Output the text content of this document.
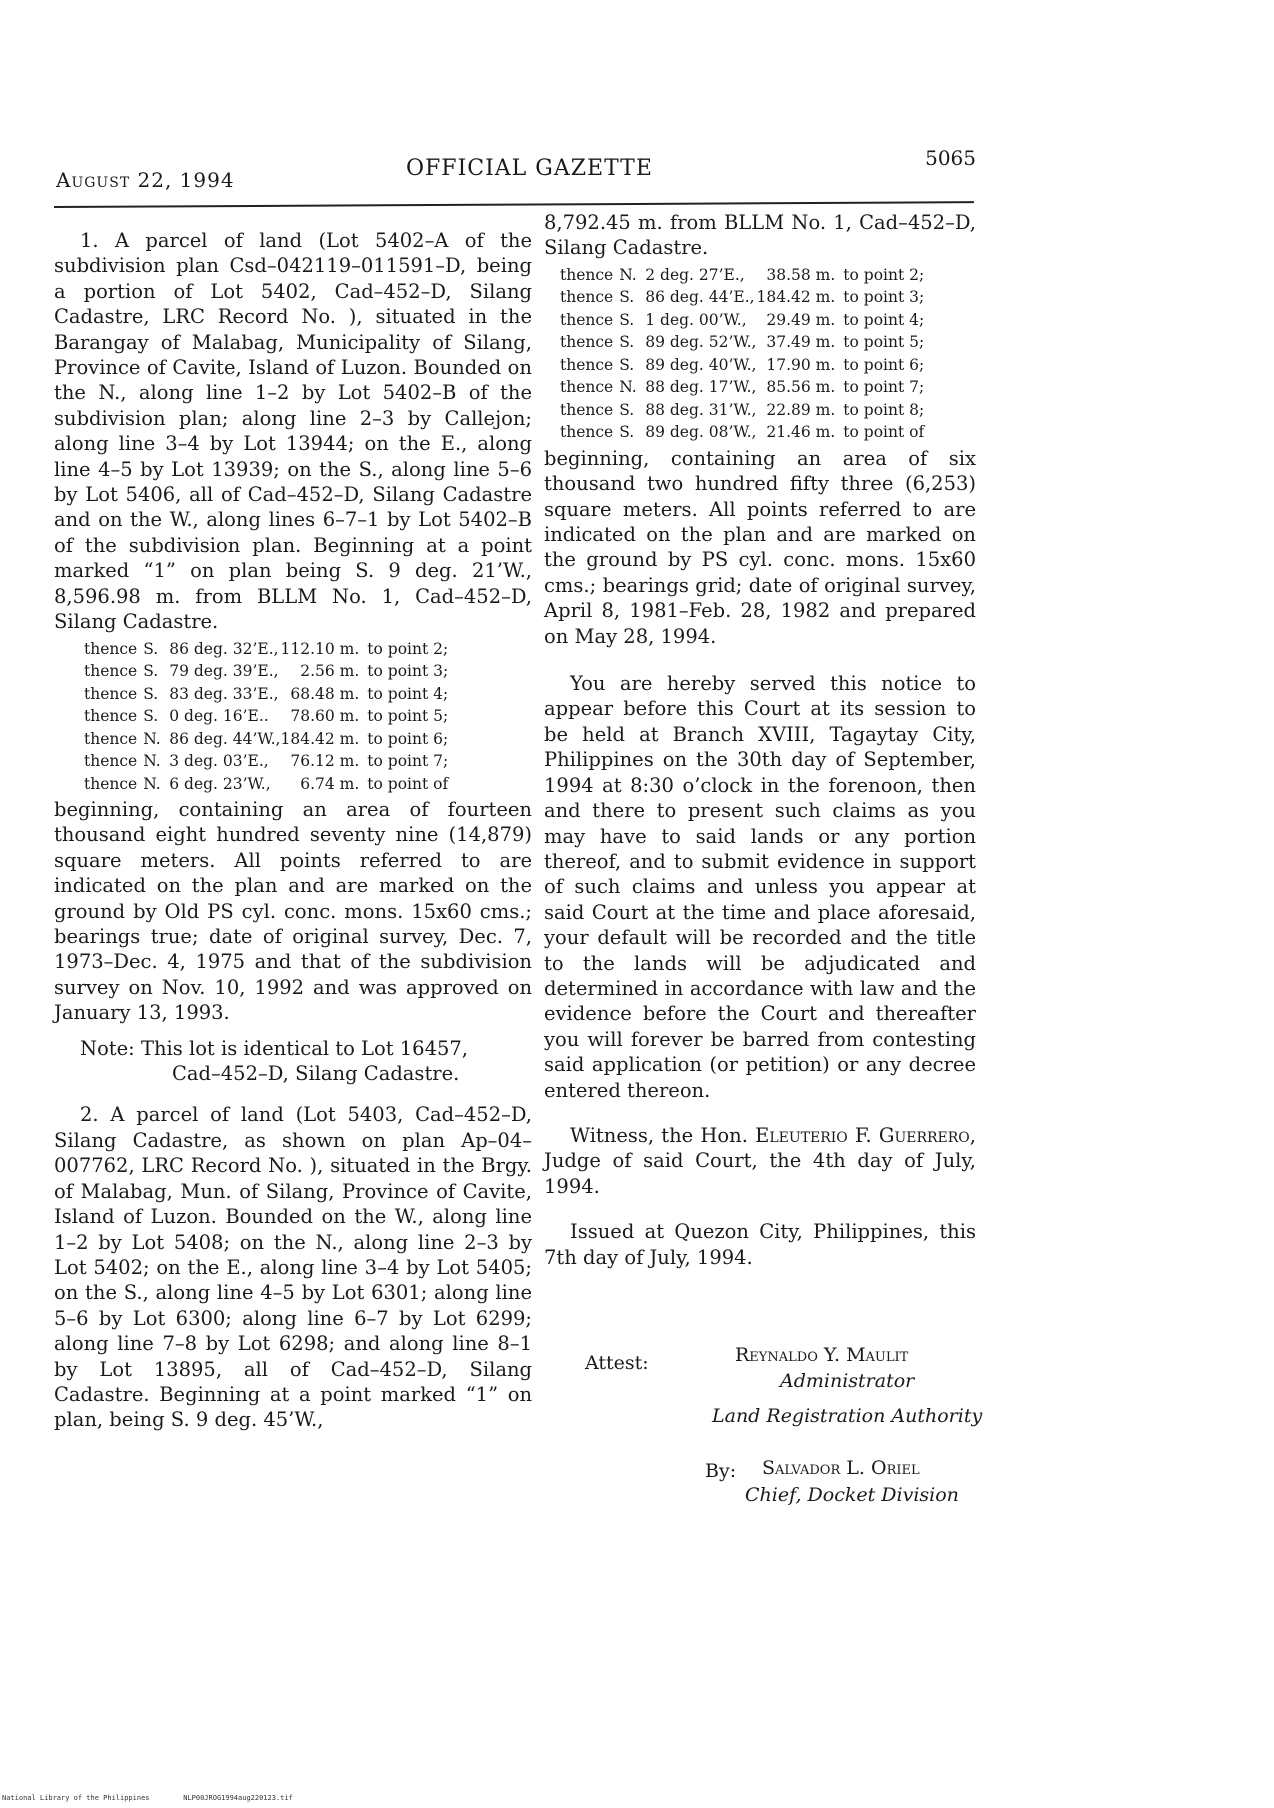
August 22, 1994	OFFICIAL GAZETTE	5065

1. A parcel of land (Lot 5402–A of the subdivision plan Csd–042119–011591–D, being a portion of Lot 5402, Cad–452–D, Silang Cadastre, LRC Record No. ), situated in the Barangay of Malabag, Municipality of Silang, Province of Cavite, Island of Luzon. Bounded on the N., along line 1–2 by Lot 5402–B of the subdivision plan; along line 2–3 by Callejon; along line 3–4 by Lot 13944; on the E., along line 4–5 by Lot 13939; on the S., along line 5–6 by Lot 5406, all of Cad–452–D, Silang Cadastre and on the W., along lines 6–7–1 by Lot 5402–B of the subdivision plan. Beginning at a point marked “1” on plan being S. 9 deg. 21’W., 8,596.98 m. from BLLM No. 1, Cad–452–D, Silang Cadastre.

thence	S.	86 deg. 32’E.,	112.10 m.	to point 2;
thence	S.	79 deg. 39’E.,	2.56 m.	to point 3;
thence	S.	83 deg. 33’E.,	68.48 m.	to point 4;
thence	S.	0 deg. 16’E..	78.60 m.	to point 5;
thence	N.	86 deg. 44’W.,	184.42 m.	to point 6;
thence	N.	3 deg. 03’E.,	76.12 m.	to point 7;
thence	N.	6 deg. 23’W.,	6.74 m.	to point of

beginning, containing an area of fourteen thousand eight hundred seventy nine (14,879) square meters. All points referred to are indicated on the plan and are marked on the ground by Old PS cyl. conc. mons. 15x60 cms.; bearings true; date of original survey, Dec. 7, 1973–Dec. 4, 1975 and that of the subdivision survey on Nov. 10, 1992 and was approved on January 13, 1993.

Note: This lot is identical to Lot 16457,
Cad–452–D, Silang Cadastre.

2. A parcel of land (Lot 5403, Cad–452–D, Silang Cadastre, as shown on plan Ap–04–007762, LRC Record No. ), situated in the Brgy. of Malabag, Mun. of Silang, Province of Cavite, Island of Luzon. Bounded on the W., along line 1–2 by Lot 5408; on the N., along line 2–3 by Lot 5402; on the E., along line 3–4 by Lot 5405; on the S., along line 4–5 by Lot 6301; along line 5–6 by Lot 6300; along line 6–7 by Lot 6299; along line 7–8 by Lot 6298; and along line 8–1 by Lot 13895, all of Cad–452–D, Silang Cadastre. Beginning at a point marked “1” on plan, being S. 9 deg. 45’W.,

8,792.45 m. from BLLM No. 1, Cad–452–D, Silang Cadastre.

thence	N.	2 deg. 27’E.,	38.58 m.	to point 2;
thence	S.	86 deg. 44’E.,	184.42 m.	to point 3;
thence	S.	1 deg. 00’W.,	29.49 m.	to point 4;
thence	S.	89 deg. 52’W.,	37.49 m.	to point 5;
thence	S.	89 deg. 40’W.,	17.90 m.	to point 6;
thence	N.	88 deg. 17’W.,	85.56 m.	to point 7;
thence	S.	88 deg. 31’W.,	22.89 m.	to point 8;
thence	S.	89 deg. 08’W.,	21.46 m.	to point of

beginning, containing an area of six thousand two hundred fifty three (6,253) square meters. All points referred to are indicated on the plan and are marked on the ground by PS cyl. conc. mons. 15x60 cms.; bearings grid; date of original survey, April 8, 1981–Feb. 28, 1982 and prepared on May 28, 1994.

You are hereby served this notice to appear before this Court at its session to be held at Branch XVIII, Tagaytay City, Philippines on the 30th day of September, 1994 at 8:30 o’clock in the forenoon, then and there to present such claims as you may have to said lands or any portion thereof, and to submit evidence in support of such claims and unless you appear at said Court at the time and place aforesaid, your default will be recorded and the title to the lands will be adjudicated and determined in accordance with law and the evidence before the Court and thereafter you will forever be barred from contesting said application (or petition) or any decree entered thereon.

Witness, the Hon. Eleuterio F. Guerrero, Judge of said Court, the 4th day of July, 1994.

Issued at Quezon City, Philippines, this 7th day of July, 1994.

Attest:	Reynaldo Y. Maulit
Administrator
Land Registration Authority
By: Salvador L. Oriel
Chief, Docket Division
National Library of the Philippines	NLP00JROG1994aug220123.tif
